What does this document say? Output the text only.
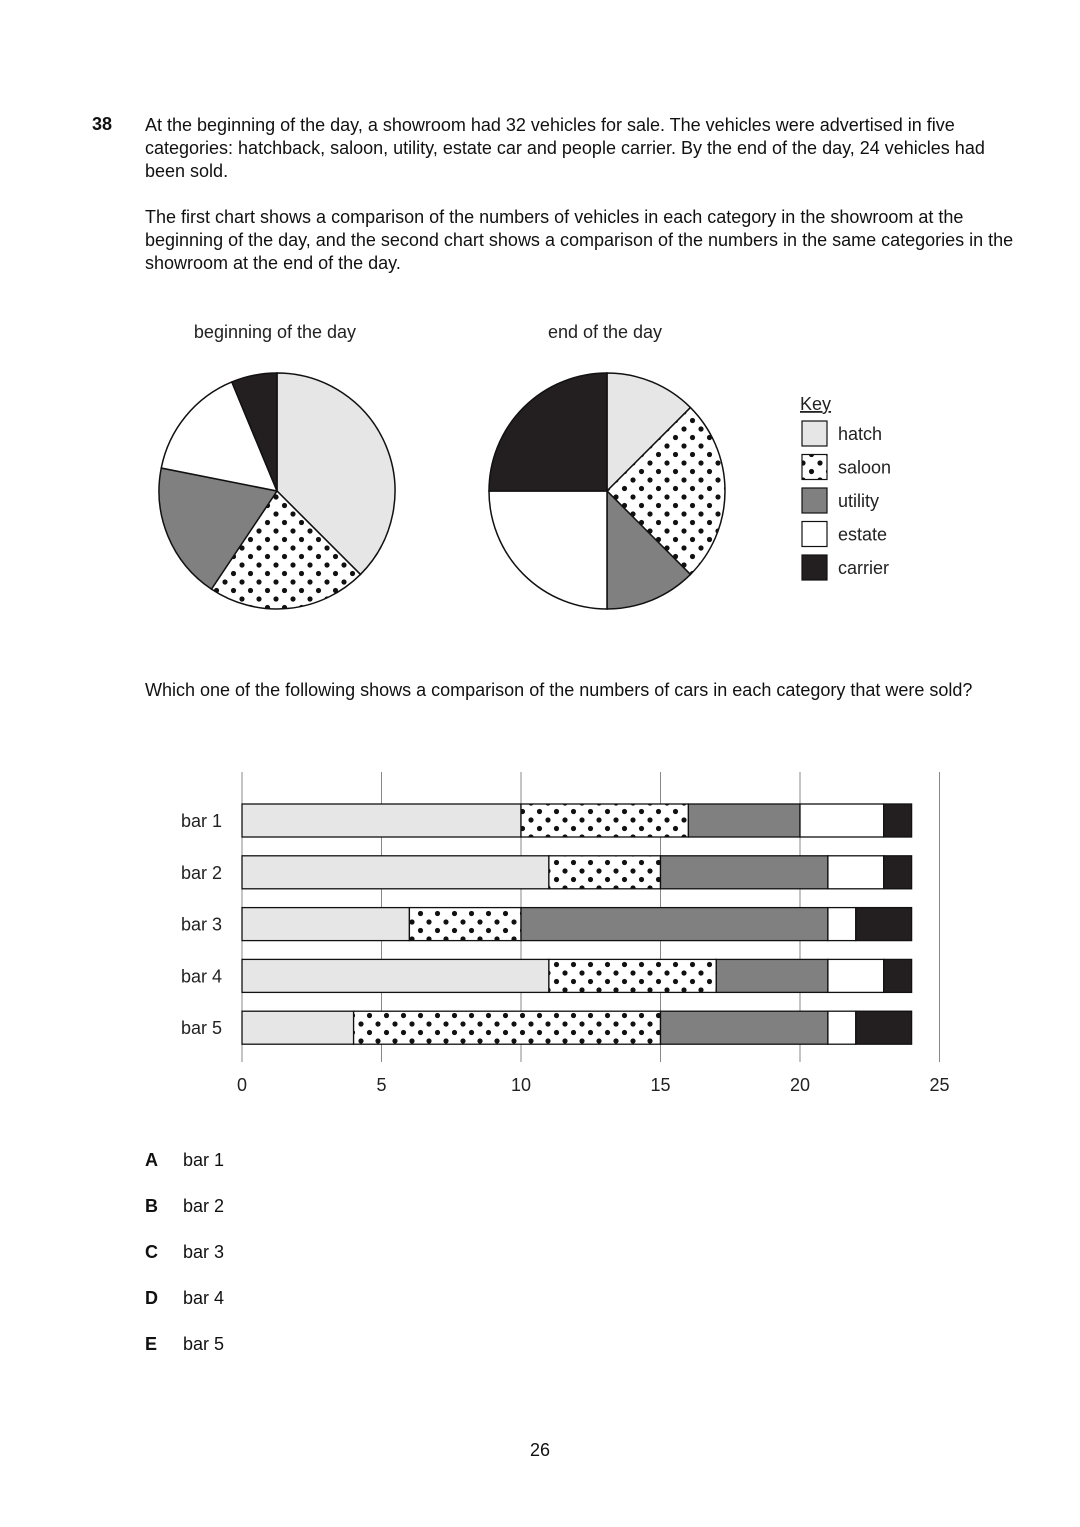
38 At the beginning of the day, a showroom had 32 vehicles for sale. The vehicles were advertised in five categories: hatchback, saloon, utility, estate car and people carrier. By the end of the day, 24 vehicles had been sold.

The first chart shows a comparison of the numbers of vehicles in each category in the showroom at the beginning of the day, and the second chart shows a comparison of the numbers in the same categories in the showroom at the end of the day.

beginning of the day	end of the day
Key
hatch
saloon
utility
estate
carrier
0	5	10	15	20	25
bar 1
bar 2
bar 3
bar 4
bar 5

Which one of the following shows a comparison of the numbers of cars in each category that were sold?

A	bar 1
B	bar 2
C	bar 3
D	bar 4
E	bar 5
26
